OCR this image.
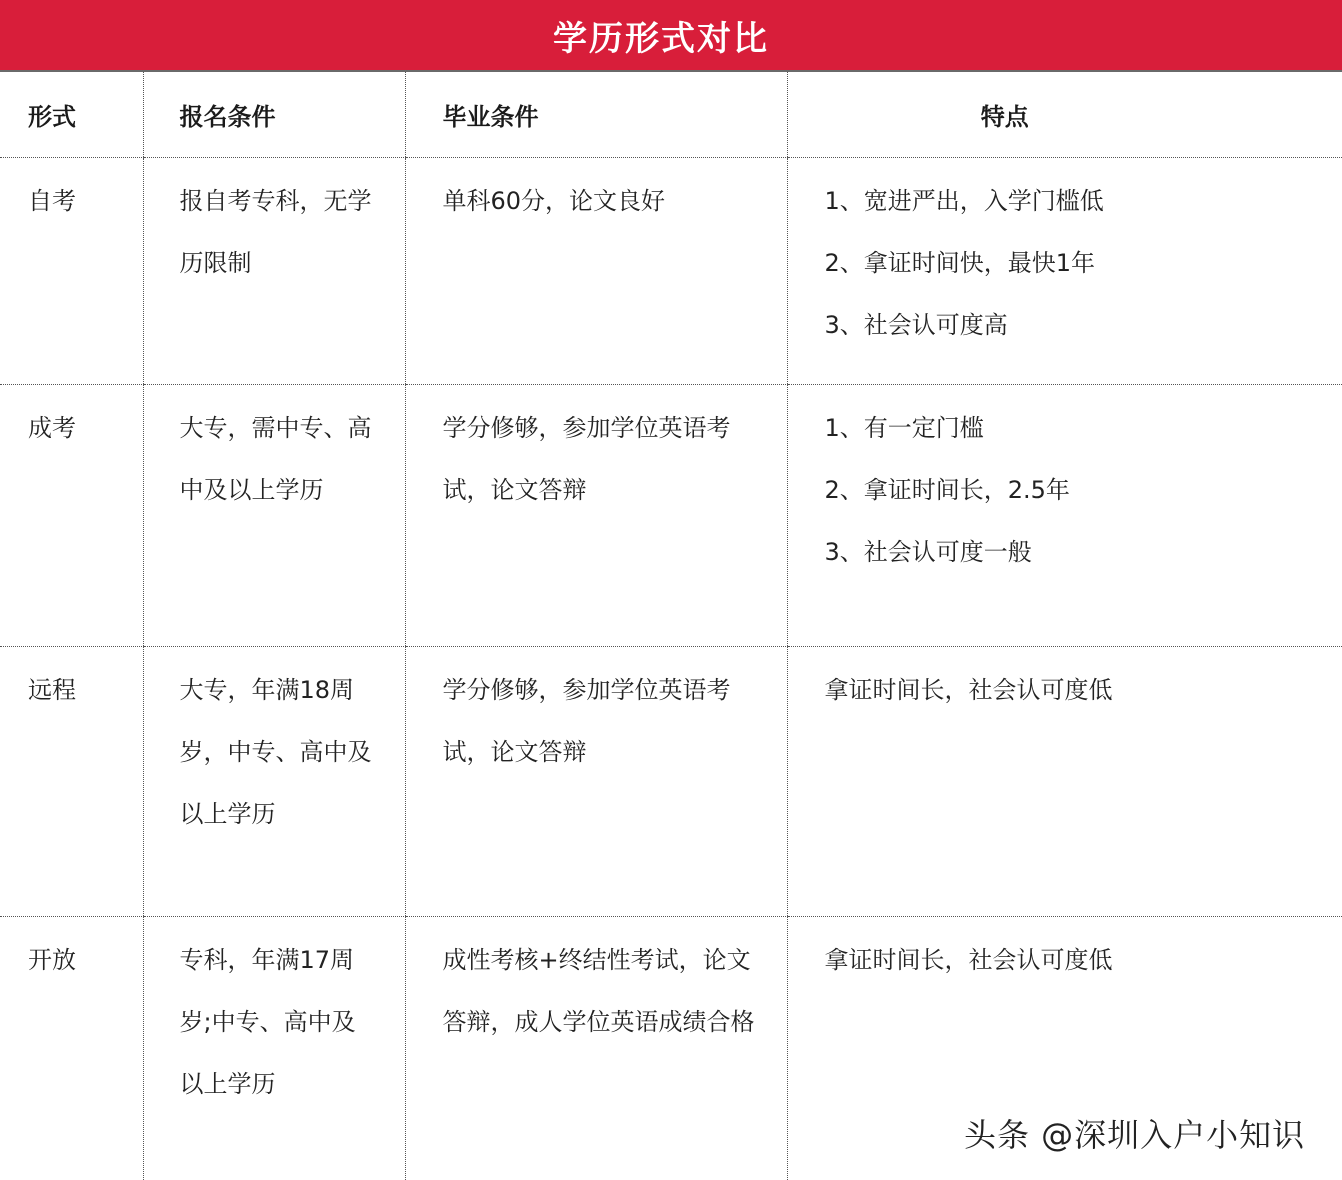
学历形式对比
形式	报名条件	毕业条件	特点
自考	报自考专科，无学历限制	单科60分，论文良好	1、宽进严出，入学门槛低
2、拿证时间快，最快1年
3、社会认可度高

成考	大专，需中专、高中及以上学历	学分修够，参加学位英语考试，论文答辩	1、有一定门槛
2、拿证时间长，2.5年
3、社会认可度一般

远程	大专，年满18周岁，中专、高中及以上学历	学分修够，参加学位英语考试，论文答辩	拿证时间长，社会认可度低

开放	专科，年满17周岁;中专、高中及以上学历	成性考核+终结性考试，论文答辩，成人学位英语成绩合格	拿证时间长，社会认可度低
头条 @深圳入户小知识
